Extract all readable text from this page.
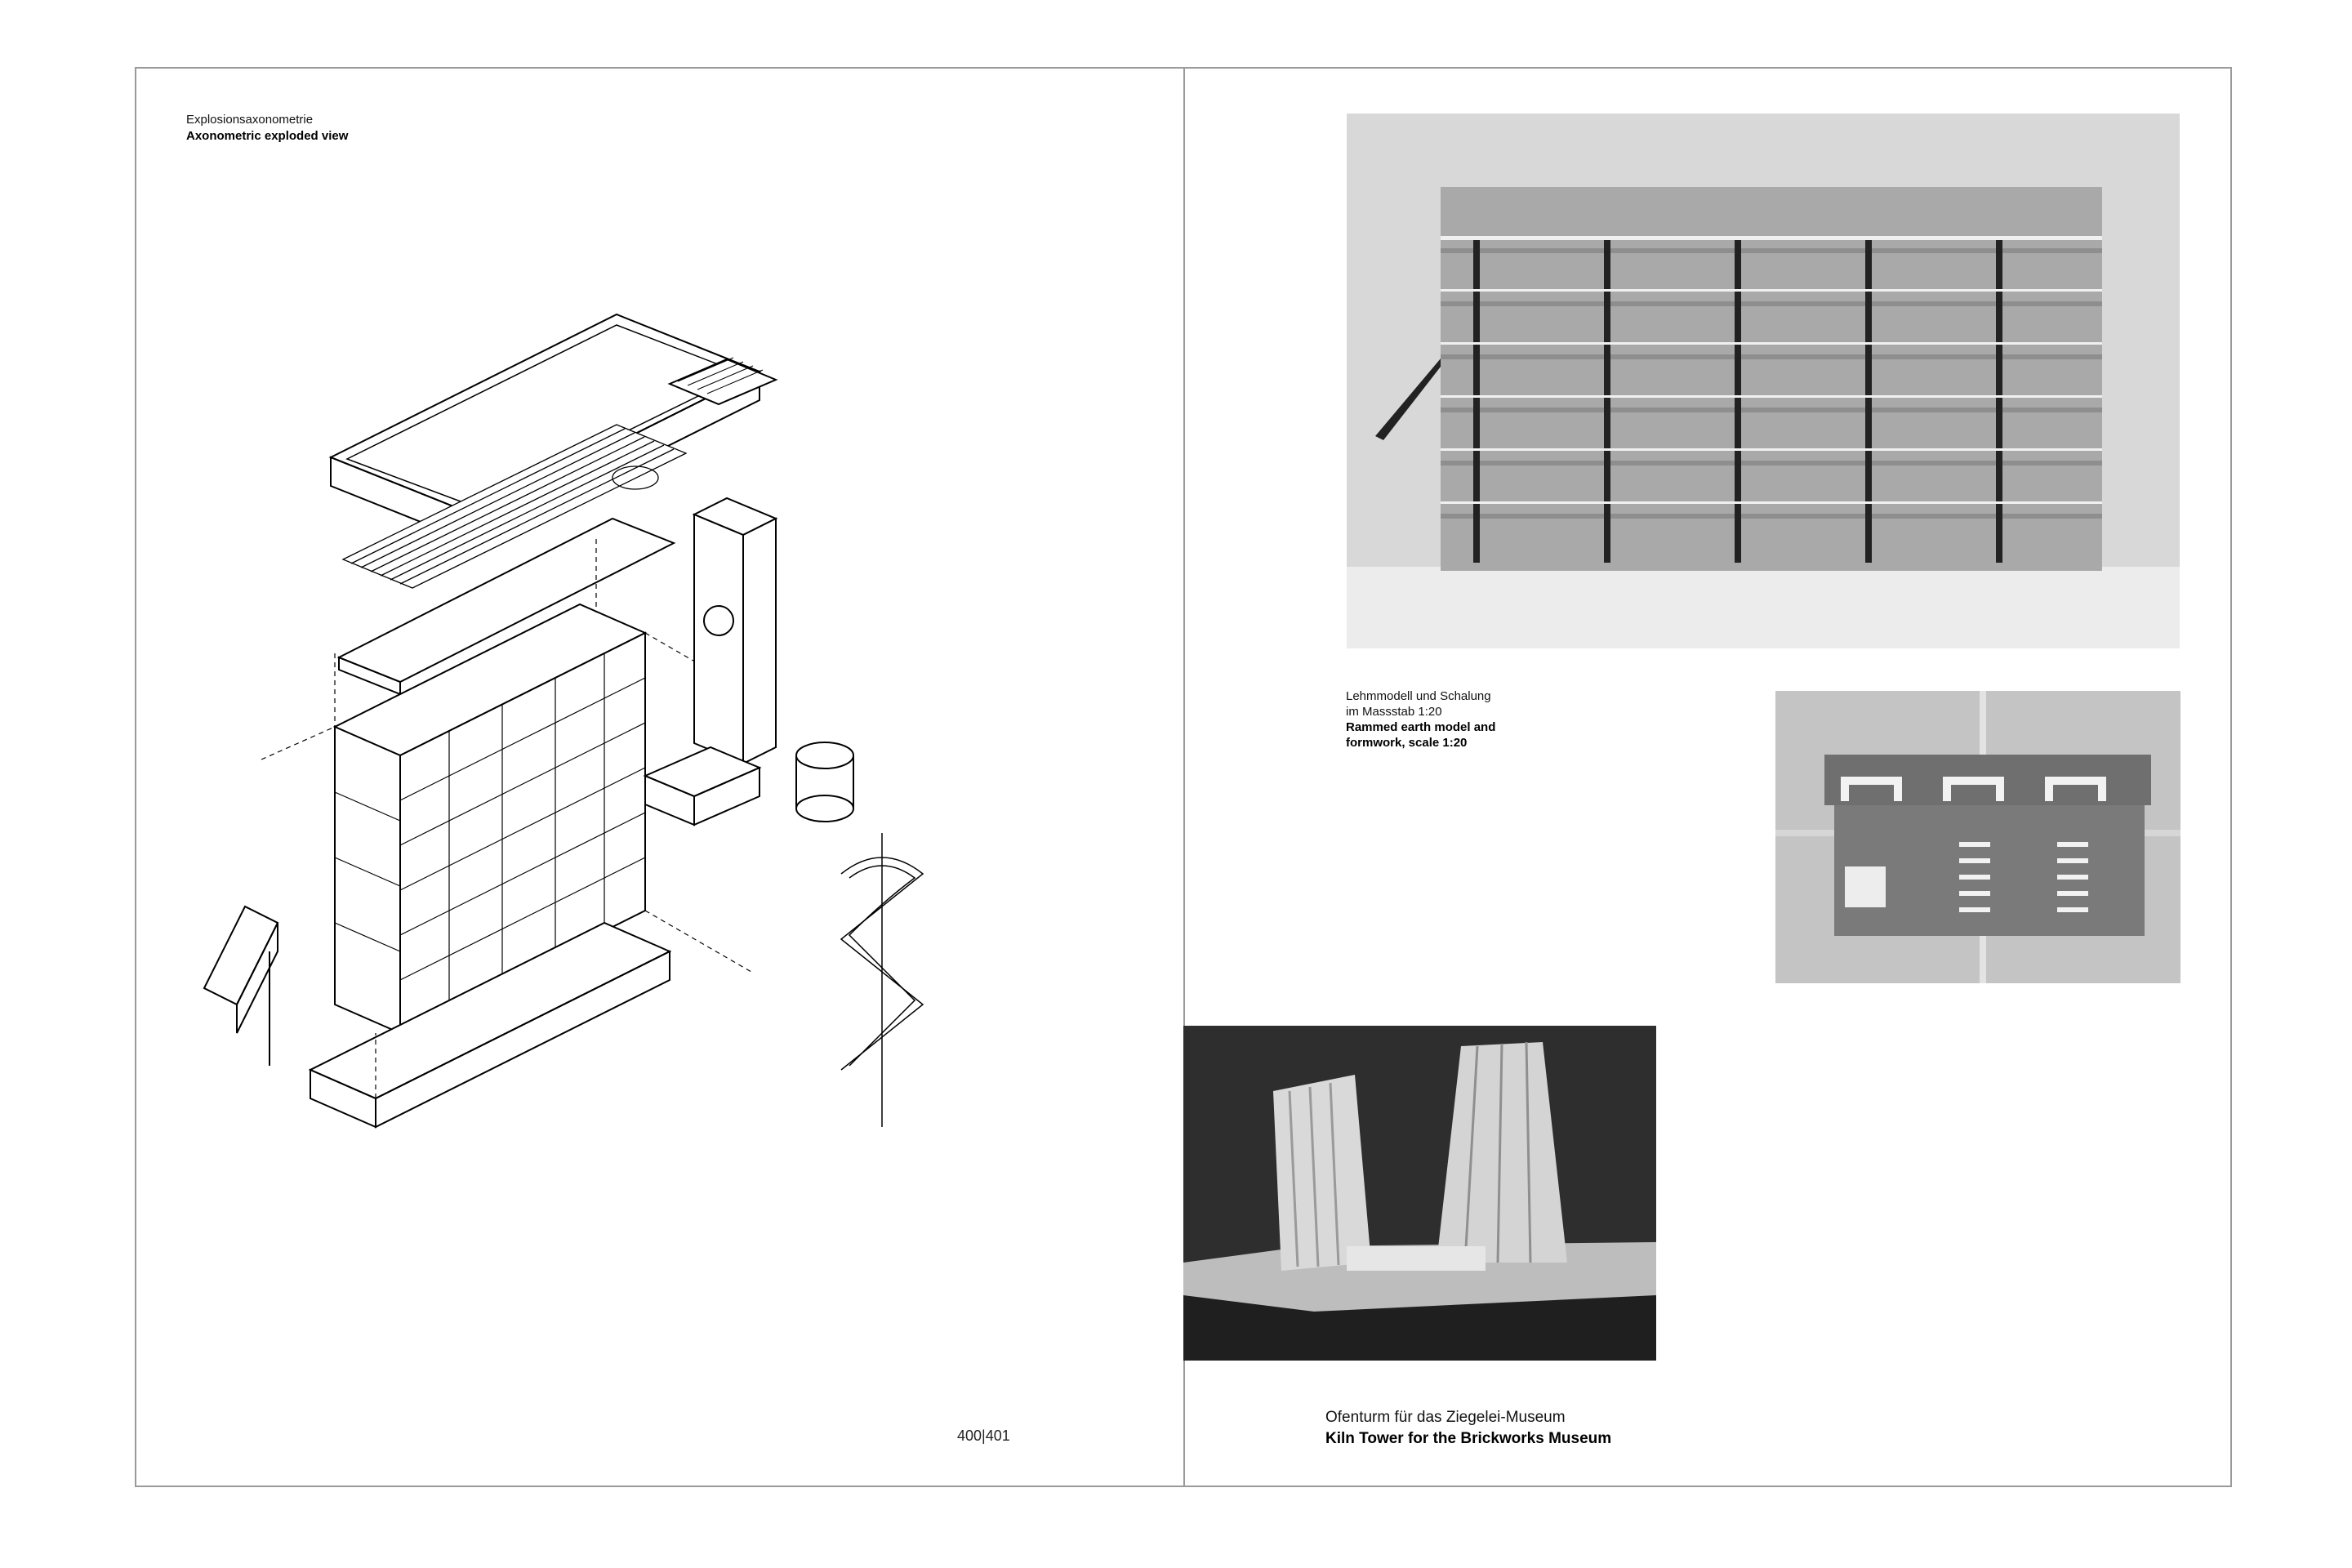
Explosionsaxonometrie
Axonometric exploded view
400|401
Lehmmodell und Schalung
im Massstab 1:20
Rammed earth model and
formwork, scale 1:20
Ofenturm für das Ziegelei-Museum
Kiln Tower for the Brickworks Museum
